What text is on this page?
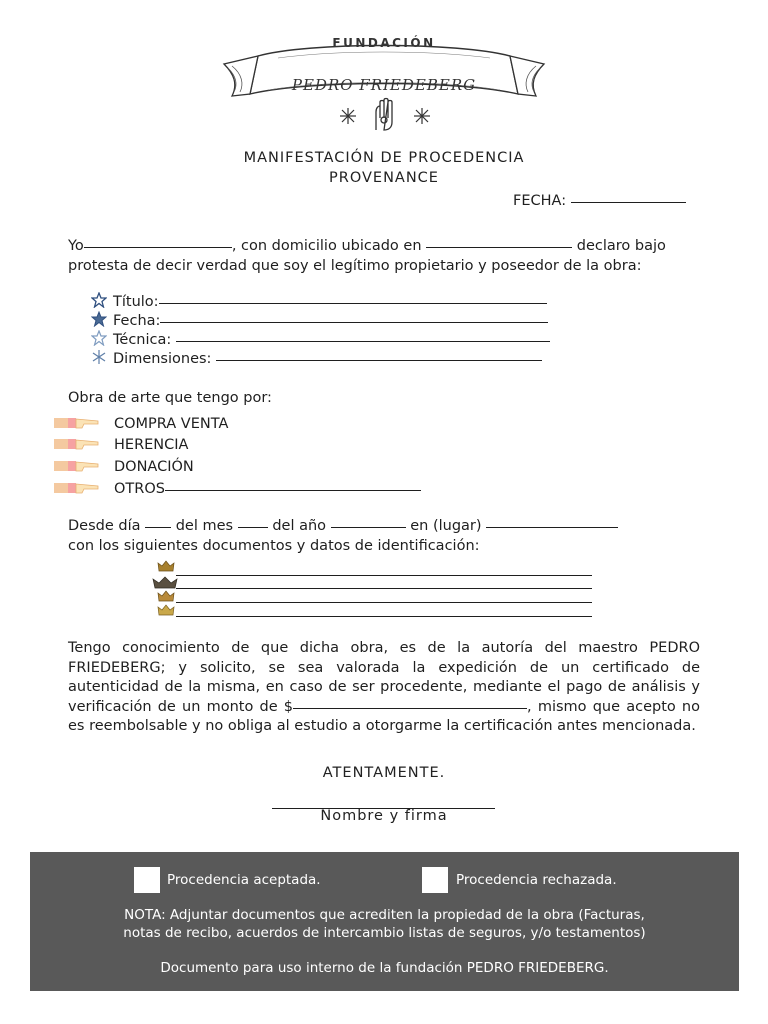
FUNDACIÓN
PEDRO FRIEDEBERG
MANIFESTACIÓN DE PROCEDENCIA
PROVENANCE
FECHA:
Yo	, con domicilio ubicado en	declaro bajo
protesta de decir verdad que soy el legítimo propietario y poseedor de la obra:
Título:
Fecha:
Técnica:
Dimensiones:
Obra de arte que tengo por:
COMPRA VENTA
HERENCIA
DONACIÓN
OTROS
Desde día del mes	del año	en (lugar)
con los siguientes documentos y datos de identificación:
Tengo conocimiento de que dicha obra, es de la autoría del maestro PEDRO FRIEDEBERG; y solicito, se sea valorada la expedición de un certificado de autenticidad de la misma, en caso de ser procedente, mediante el pago de análisis y verificación de un monto de $	, mismo que acepto no es reembolsable y no obliga al estudio a otorgarme la certificación antes mencionada.
ATENTAMENTE.
Nombre y firma
Procedencia aceptada.	Procedencia rechazada.
NOTA: Adjuntar documentos que acrediten la propiedad de la obra (Facturas,
notas de recibo, acuerdos de intercambio listas de seguros, y/o testamentos)
Documento para uso interno de la fundación PEDRO FRIEDEBERG.
